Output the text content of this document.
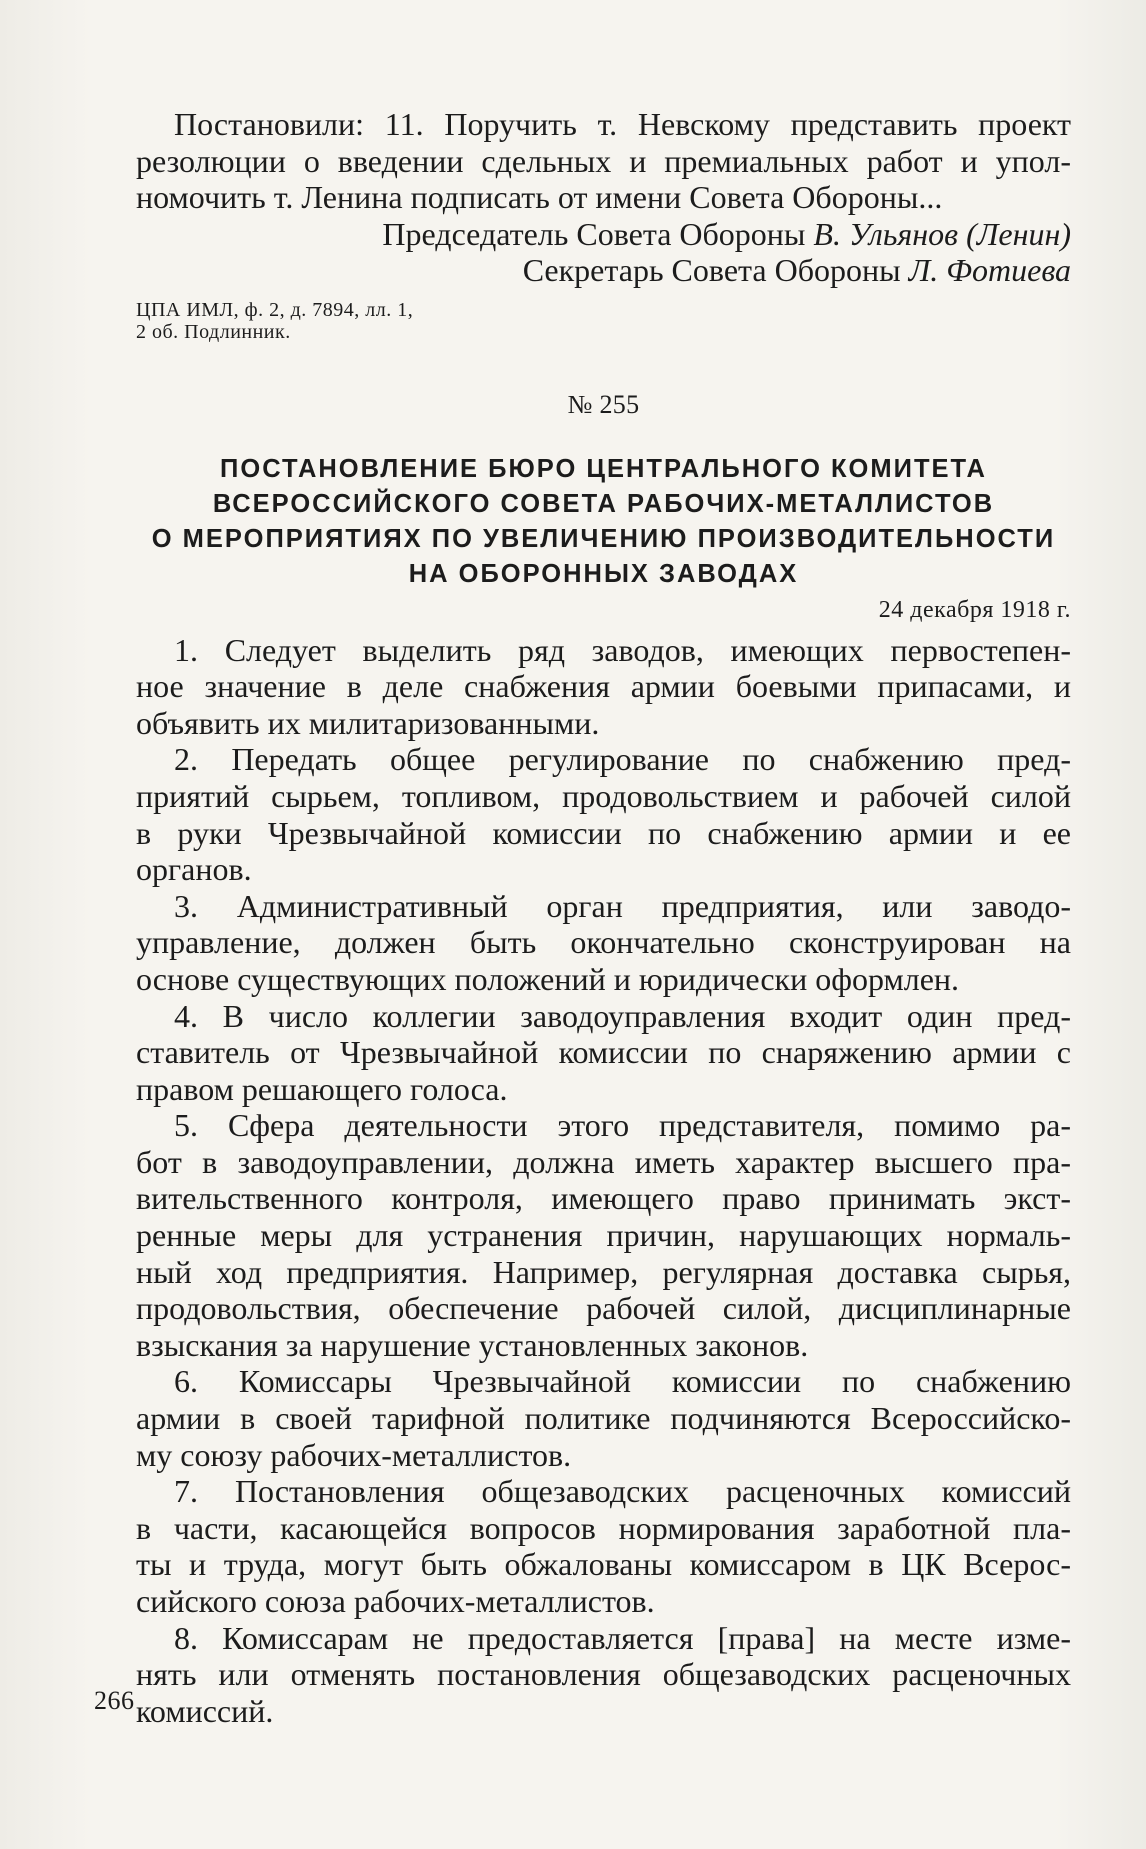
Постановили: 11. Поручить т. Невскому представить проект

резолюции о введении сдельных и премиальных работ и упол-

номочить т. Ленина подписать от имени Совета Обороны...

Председатель Совета Обороны В. Ульянов (Ленин)

Секретарь Совета Обороны Л. Фотиева

ЦПА ИМЛ, ф. 2, д. 7894, лл. 1,

2 об. Подлинник.

№ 255

ПОСТАНОВЛЕНИЕ БЮРО ЦЕНТРАЛЬНОГО КОМИТЕТА

ВСЕРОССИЙСКОГО СОВЕТА РАБОЧИХ-МЕТАЛЛИСТОВ

О МЕРОПРИЯТИЯХ ПО УВЕЛИЧЕНИЮ ПРОИЗВОДИТЕЛЬНОСТИ

НА ОБОРОННЫХ ЗАВОДАХ

24 декабря 1918 г.

1. Следует выделить ряд заводов, имеющих первостепен-

ное значение в деле снабжения армии боевыми припасами, и

объявить их милитаризованными.

2. Передать общее регулирование по снабжению пред-

приятий сырьем, топливом, продовольствием и рабочей силой

в руки Чрезвычайной комиссии по снабжению армии и ее

органов.

3. Административный орган предприятия, или заводо-

управление, должен быть окончательно сконструирован на

основе существующих положений и юридически оформлен.

4. В число коллегии заводоуправления входит один пред-

ставитель от Чрезвычайной комиссии по снаряжению армии с

правом решающего голоса.

5. Сфера деятельности этого представителя, помимо ра-

бот в заводоуправлении, должна иметь характер высшего пра-

вительственного контроля, имеющего право принимать экст-

ренные меры для устранения причин, нарушающих нормаль-

ный ход предприятия. Например, регулярная доставка сырья,

продовольствия, обеспечение рабочей силой, дисциплинарные

взыскания за нарушение установленных законов.

6. Комиссары Чрезвычайной комиссии по снабжению

армии в своей тарифной политике подчиняются Всероссийско-

му союзу рабочих-металлистов.

7. Постановления общезаводских расценочных комиссий

в части, касающейся вопросов нормирования заработной пла-

ты и труда, могут быть обжалованы комиссаром в ЦК Всерос-

сийского союза рабочих-металлистов.

8. Комиссарам не предоставляется [права] на месте изме-

нять или отменять постановления общезаводских расценочных

комиссий.

266
